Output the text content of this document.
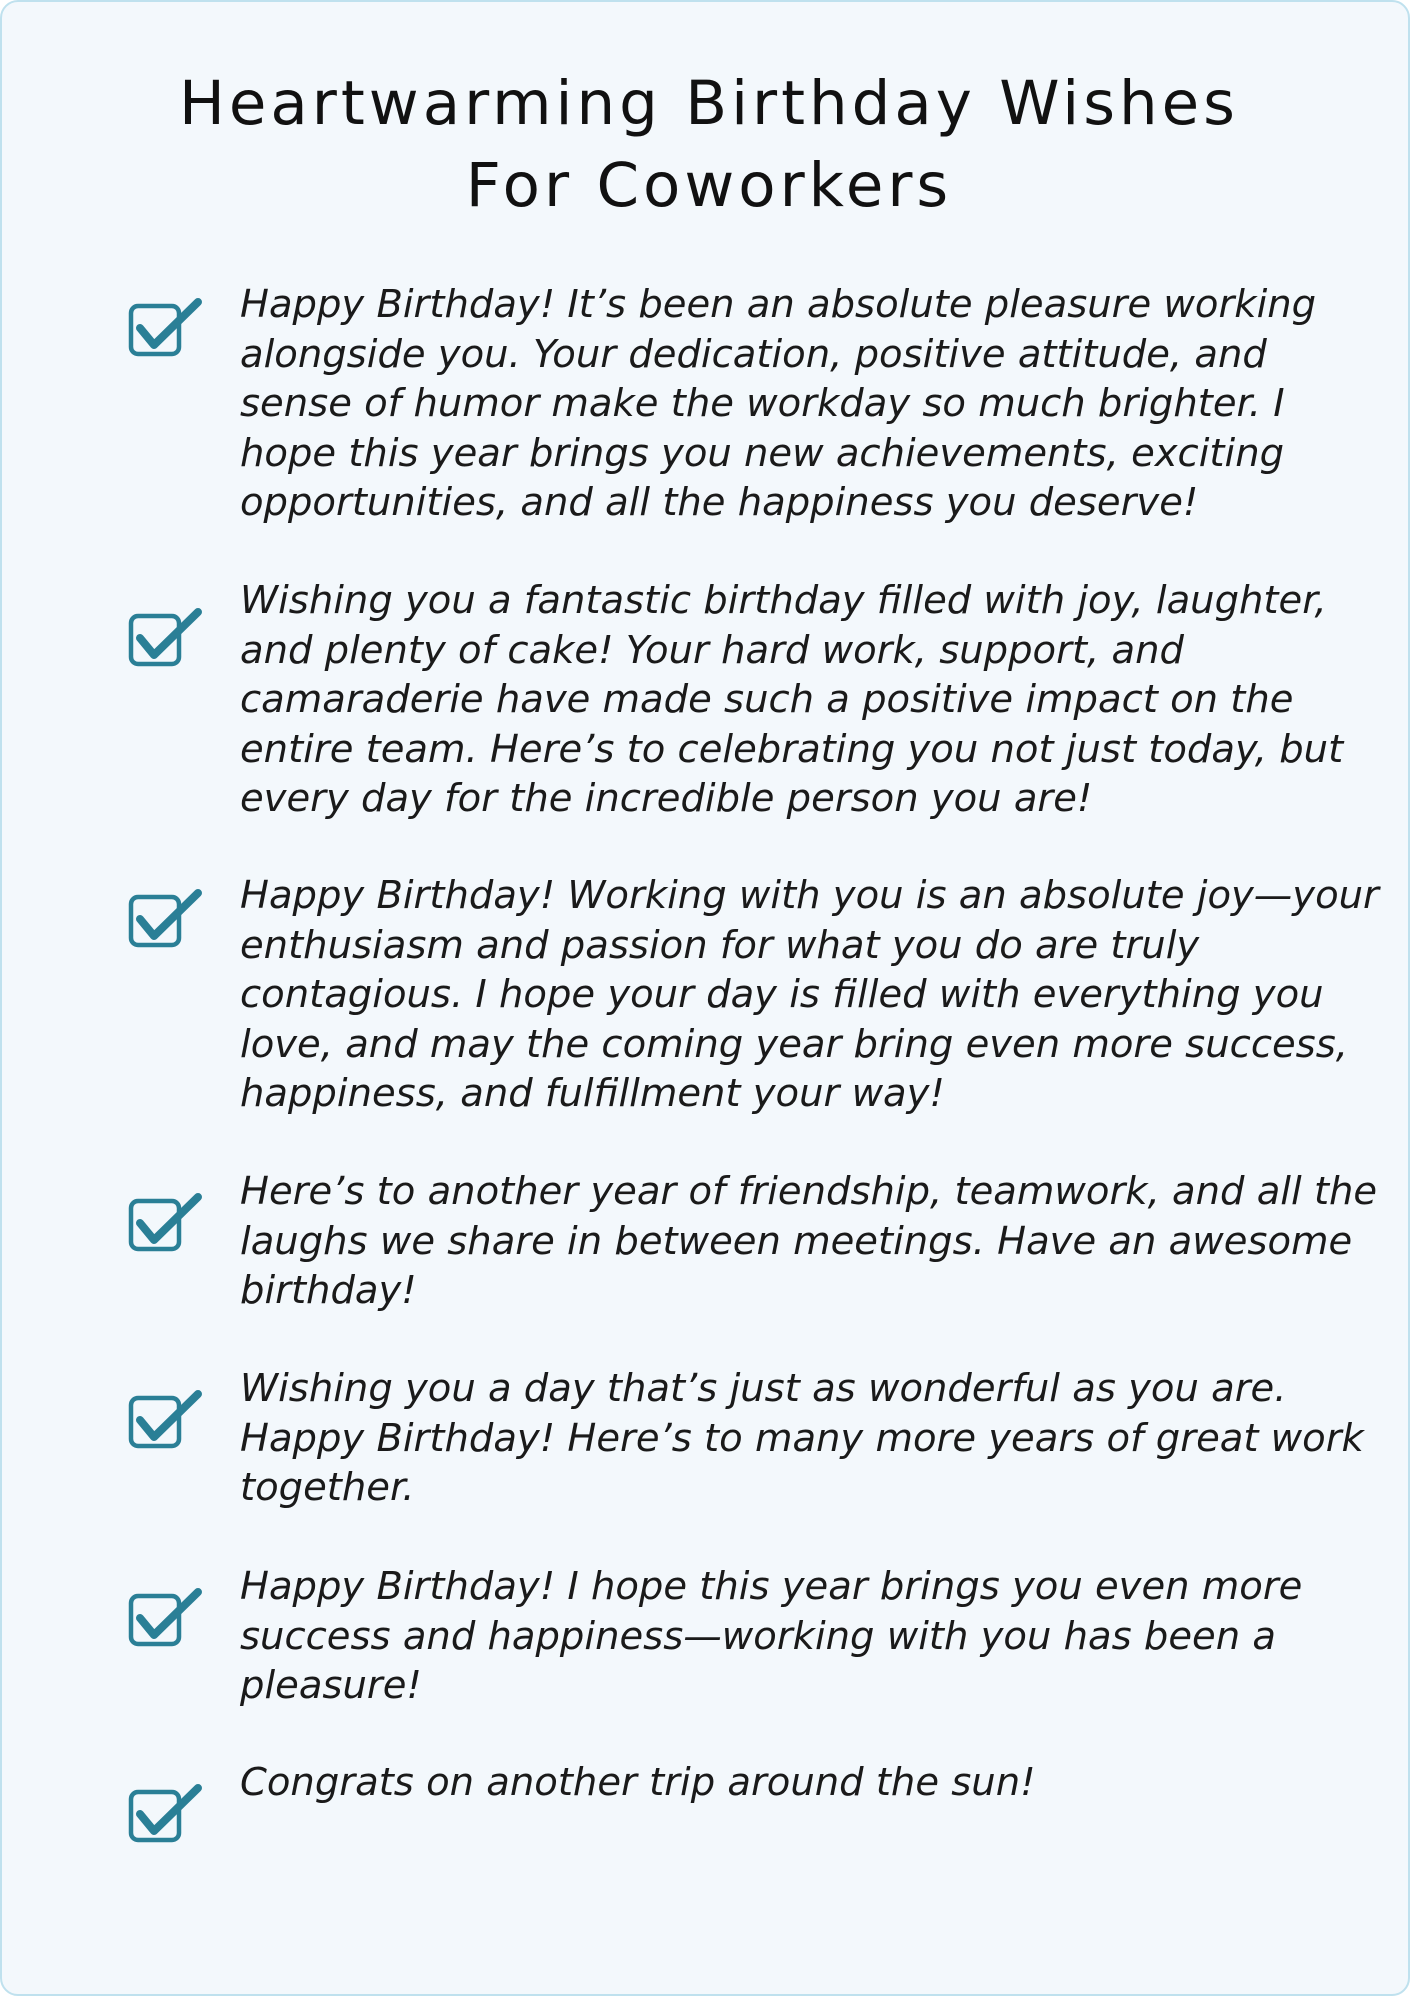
Heartwarming Birthday Wishes
For Coworkers

Happy Birthday! It’s been an absolute pleasure working alongside you. Your dedication, positive attitude, and sense of humor make the workday so much brighter. I hope this year brings you new achievements, exciting opportunities, and all the happiness you deserve!

Wishing you a fantastic birthday filled with joy, laughter, and plenty of cake! Your hard work, support, and camaraderie have made such a positive impact on the entire team. Here’s to celebrating you not just today, but every day for the incredible person you are!

Happy Birthday! Working with you is an absolute joy—your enthusiasm and passion for what you do are truly contagious. I hope your day is filled with everything you love, and may the coming year bring even more success, happiness, and fulfillment your way!

Here’s to another year of friendship, teamwork, and all the laughs we share in between meetings. Have an awesome birthday!

Wishing you a day that’s just as wonderful as you are. Happy Birthday! Here’s to many more years of great work together.

Happy Birthday! I hope this year brings you even more success and happiness—working with you has been a pleasure!

Congrats on another trip around the sun!
